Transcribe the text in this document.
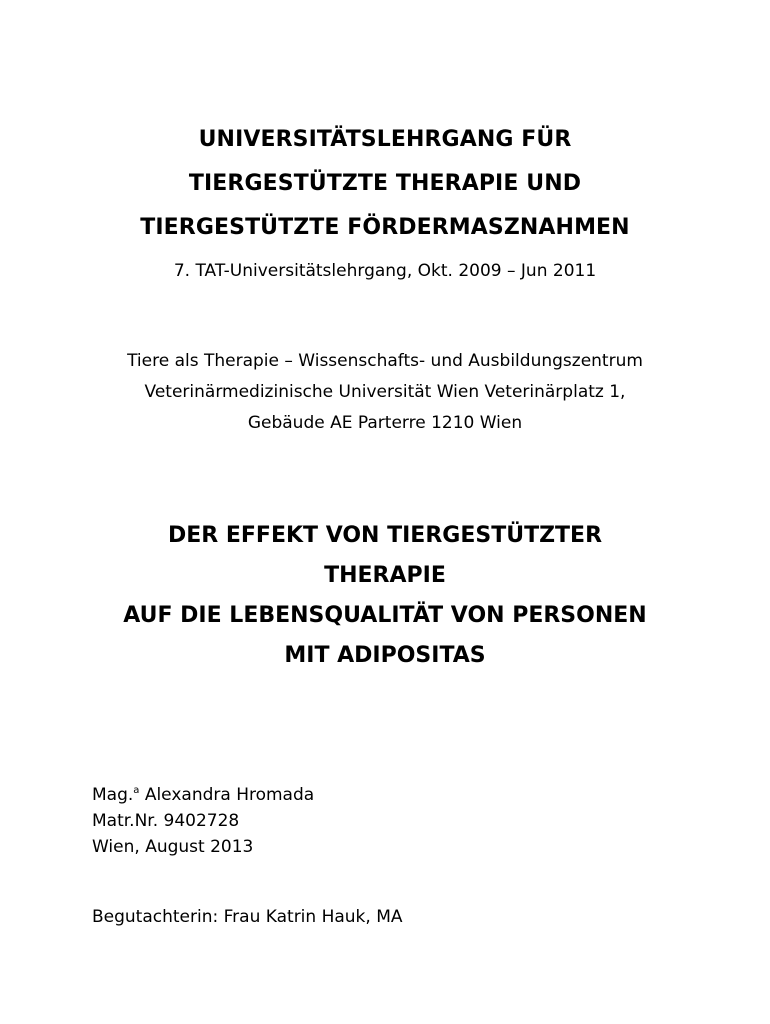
UNIVERSITÄTSLEHRGANG FÜR
TIERGESTÜTZTE THERAPIE UND
TIERGESTÜTZTE FÖRDERMASZNAHMEN
7. TAT-Universitätslehrgang, Okt. 2009 – Jun 2011
Tiere als Therapie – Wissenschafts- und Ausbildungszentrum
Veterinärmedizinische Universität Wien Veterinärplatz 1,
Gebäude AE Parterre 1210 Wien
DER EFFEKT VON TIERGESTÜTZTER
THERAPIE
AUF DIE LEBENSQUALITÄT VON PERSONEN
MIT ADIPOSITAS
Mag.$^a$ Alexandra Hromada
Matr.Nr. 9402728
Wien, August 2013
Begutachterin: Frau Katrin Hauk, MA
